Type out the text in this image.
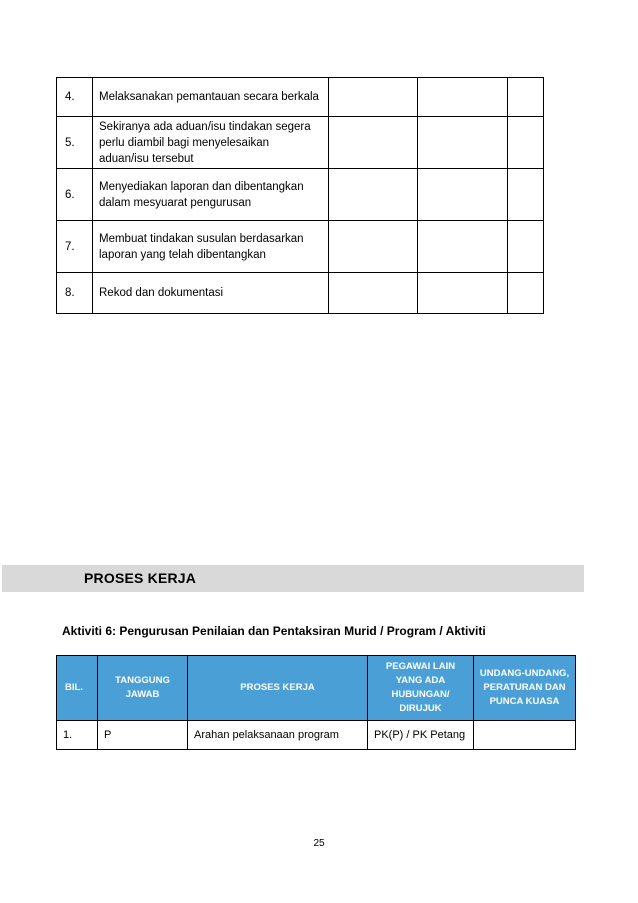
4.	Melaksanakan pemantauan secara berkala			
5.	Sekiranya ada aduan/isu tindakan segera perlu diambil bagi menyelesaikan aduan/isu tersebut			
6.	Menyediakan laporan dan dibentangkan dalam mesyuarat pengurusan			
7.	Membuat tindakan susulan berdasarkan laporan yang telah dibentangkan			
8.	Rekod dan dokumentasi			
PROSES KERJA
Aktiviti 6: Pengurusan Penilaian dan Pentaksiran Murid / Program / Aktiviti
BIL.	TANGGUNG JAWAB	PROSES KERJA	PEGAWAI LAIN YANG ADA HUBUNGAN/ DIRUJUK	UNDANG-UNDANG, PERATURAN DAN PUNCA KUASA
1.	P	Arahan pelaksanaan program	PK(P) / PK Petang	
25
